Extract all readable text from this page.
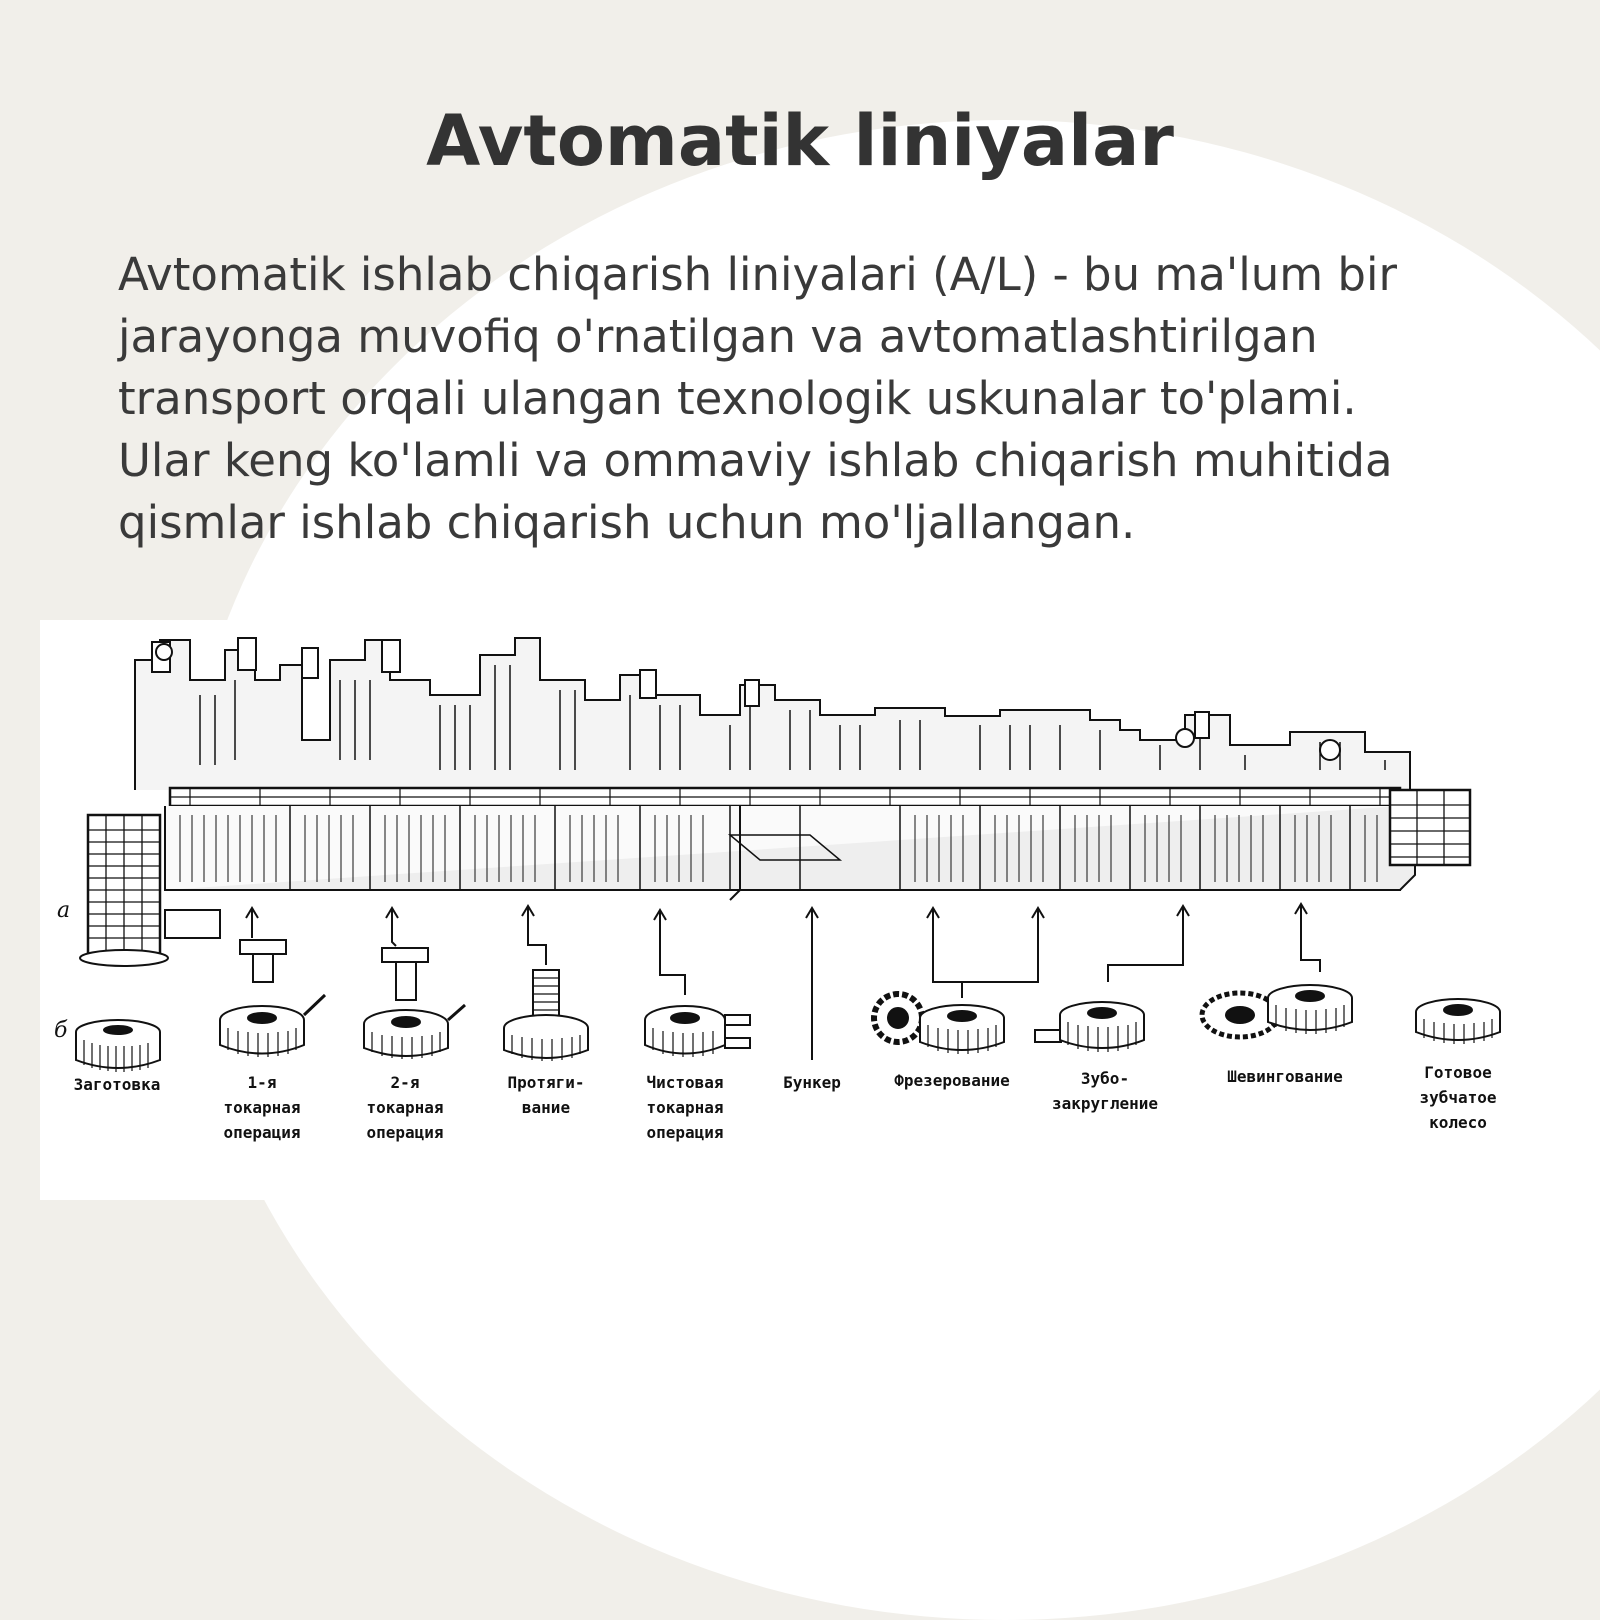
Avtomatik liniyalar
Avtomatik ishlab chiqarish liniyalari (A/L) - bu ma'lum bir
jarayonga muvofiq o'rnatilgan va avtomatlashtirilgan
transport orqali ulangan texnologik uskunalar to'plami.
Ular keng ko'lamli va ommaviy ishlab chiqarish muhitida
qismlar ishlab chiqarish uchun mo'ljallangan.
а
б
Заготовка	1-я
токарная
операция
2-я
токарная
операция
Протяги-
вание
Чистовая
токарная
операция
Бункер	Фрезерование	Зубо-
закругление
Шевингование	Готовое
зубчатое
колесо
